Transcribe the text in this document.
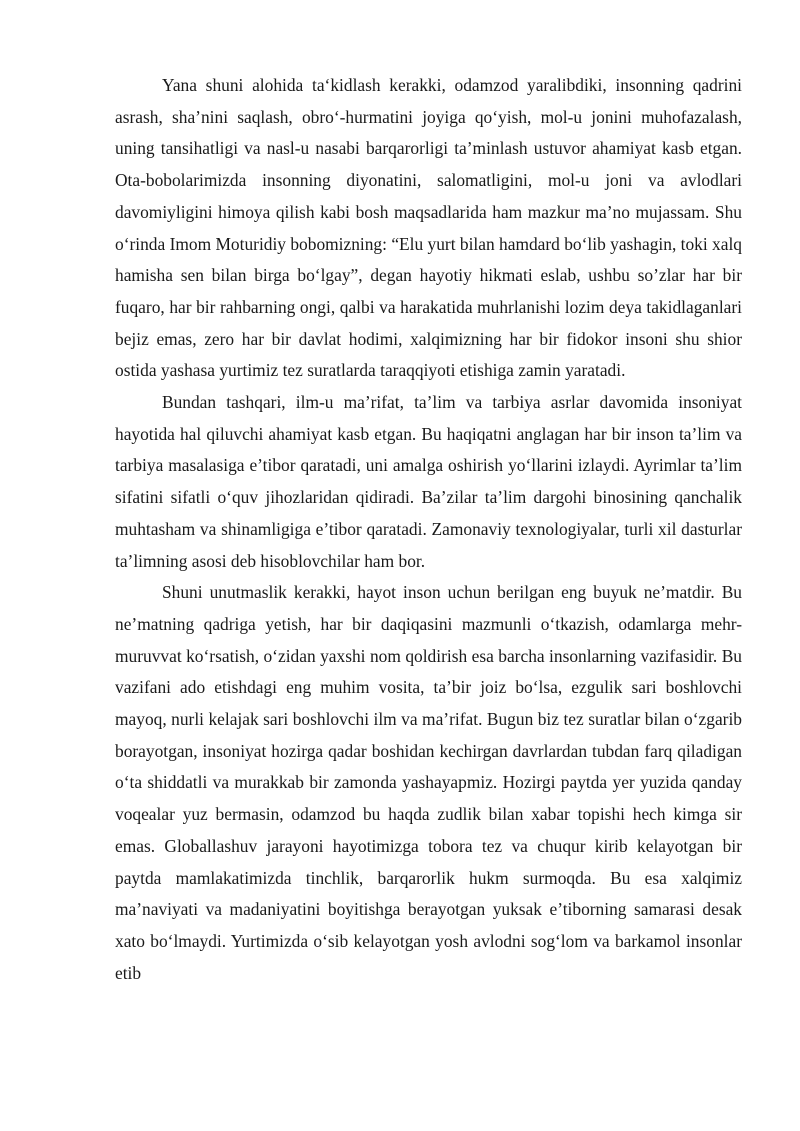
Yana shuni alohida ta‘kidlash kerakki, odamzod yaralibdiki, insonning qadrini asrash, sha’nini saqlash, obro‘-hurmatini joyiga qo‘yish, mol-u jonini muhofazalash, uning tansihatligi va nasl-u nasabi barqarorligi ta’minlash ustuvor ahamiyat kasb etgan. Ota-bobolarimizda insonning diyonatini, salomatligini, mol-u joni va avlodlari davomiyligini himoya qilish kabi bosh maqsadlarida ham mazkur ma’no mujassam. Shu o‘rinda Imom Moturidiy bobomizning: “Elu yurt bilan hamdard bo‘lib yashagin, toki xalq hamisha sen bilan birga bo‘lgay”, degan hayotiy hikmati eslab, ushbu so’zlar har bir fuqaro, har bir rahbarning ongi, qalbi va harakatida muhrlanishi lozim deya takidlaganlari bejiz emas, zero har bir davlat hodimi, xalqimizning har bir fidokor insoni shu shior ostida yashasa yurtimiz tez suratlarda taraqqiyoti etishiga zamin yaratadi.

Bundan tashqari, ilm-u ma’rifat, ta’lim va tarbiya asrlar davomida insoniyat hayotida hal qiluvchi ahamiyat kasb etgan. Bu haqiqatni anglagan har bir inson ta’lim va tarbiya masalasiga e’tibor qaratadi, uni amalga oshirish yo‘llarini izlaydi. Ayrimlar ta’lim sifatini sifatli o‘quv jihozlaridan qidiradi. Ba’zilar ta’lim dargohi binosining qanchalik muhtasham va shinamligiga e’tibor qaratadi. Zamonaviy texnologiyalar, turli xil dasturlar ta’limning asosi deb hisoblovchilar ham bor.

Shuni unutmaslik kerakki, hayot inson uchun berilgan eng buyuk ne’matdir. Bu ne’matning qadriga yetish, har bir daqiqasini mazmunli o‘tkazish, odamlarga mehr-muruvvat ko‘rsatish, o‘zidan yaxshi nom qoldirish esa barcha insonlarning vazifasidir. Bu vazifani ado etishdagi eng muhim vosita, ta’bir joiz bo‘lsa, ezgulik sari boshlovchi mayoq, nurli kelajak sari boshlovchi ilm va ma’rifat. Bugun biz tez suratlar bilan o‘zgarib borayotgan, insoniyat hozirga qadar boshidan kechirgan davrlardan tubdan farq qiladigan o‘ta shiddatli va murakkab bir zamonda yashayapmiz. Hozirgi paytda yer yuzida qanday voqealar yuz bermasin, odamzod bu haqda zudlik bilan xabar topishi hech kimga sir emas. Globallashuv jarayoni hayotimizga tobora tez va chuqur kirib kelayotgan bir paytda mamlakatimizda tinchlik, barqarorlik hukm surmoqda. Bu esa xalqimiz ma’naviyati va madaniyatini boyitishga berayotgan yuksak e’tiborning samarasi desak xato bo‘lmaydi. Yurtimizda o‘sib kelayotgan yosh avlodni sog‘lom va barkamol insonlar etib
